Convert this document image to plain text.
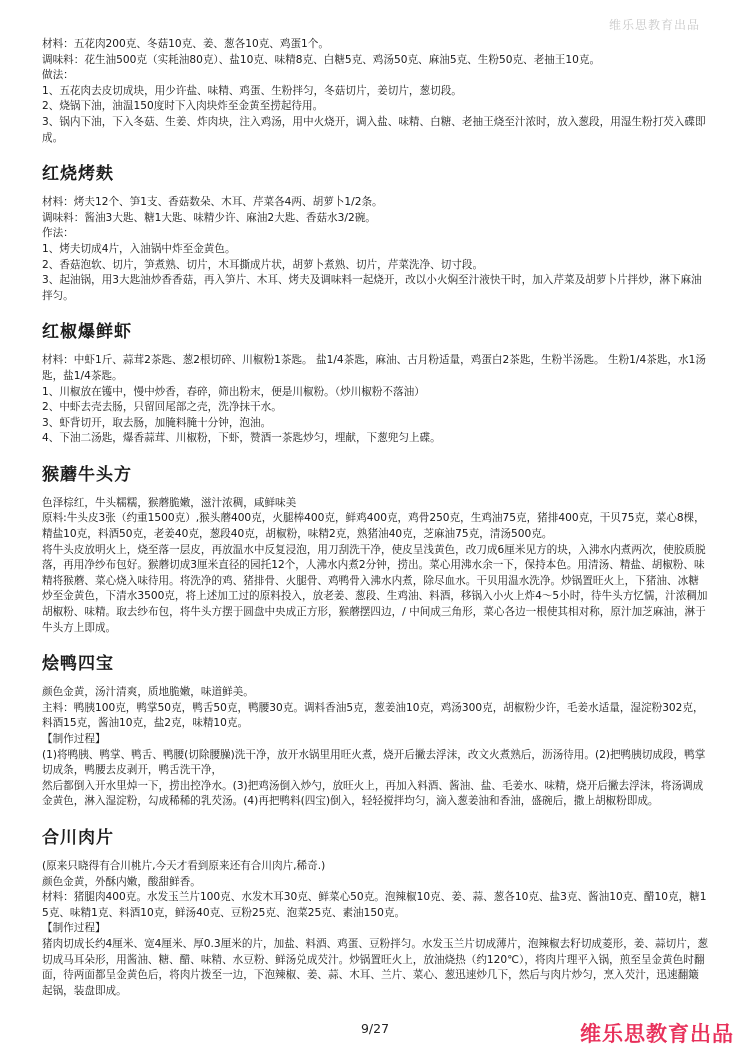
维乐思教育出品
材料：五花肉200克、冬菇10克、姜、葱各10克、鸡蛋1个。
调味料：花生油500克（实耗油80克）、盐10克、味精8克、白糖5克、鸡汤50克、麻油5克、生粉50克、老抽王10克。
做法：
1、五花肉去皮切成块，用少许盐、味精、鸡蛋、生粉拌匀，冬菇切片，姜切片，葱切段。
2、烧锅下油，油温150度时下入肉块炸至金黄至捞起待用。
3、锅内下油，下入冬菇、生姜、炸肉块，注入鸡汤，用中火烧开，调入盐、味精、白糖、老抽王烧至汁浓时，放入葱段，用湿生粉打芡入碟即成。
红烧烤麸
材料：烤夫12个、笋1支、香菇数朵、木耳、芹菜各4两、胡萝卜1/2条。
调味料：酱油3大匙、糖1大匙、味精少许、麻油2大匙、香菇水3/2碗。
作法：
1、烤夫切成4片，入油锅中炸至金黄色。
2、香菇泡软、切片，笋煮熟、切片，木耳撕成片状，胡萝卜煮熟、切片，芹菜洗净、切寸段。
3、起油锅，用3大匙油炒香香菇，再入笋片、木耳、烤夫及调味料一起烧开，改以小火焖至汁液快干时，加入芹菜及胡萝卜片拌炒，淋下麻油拌匀。
红椒爆鲜虾
材料：中虾1斤、蒜茸2茶匙、葱2根切碎、川椒粉1茶匙。 盐1/4茶匙，麻油、古月粉适量，鸡蛋白2茶匙，生粉半汤匙。 生粉1/4茶匙，水1汤匙，盐1/4茶匙。
1、川椒放在镬中，慢中炒香，春碎，筛出粉末，便是川椒粉。（炒川椒粉不落油）
2、中虾去壳去肠，只留回尾部之壳，洗净抹干水。
3、虾背切开，取去肠，加腌料腌十分钟，泡油。
4、下油二汤匙，爆香蒜茸、川椒粉，下虾，赞酒一茶匙炒匀，埋献，下葱兜匀上碟。
猴蘑牛头方
色泽棕红，牛头糯糯，猴蘑脆嫩，滋汁浓稠，咸鲜味美
原料:牛头皮3张（约重1500克）,猴头蘑400克，火腿棒400克，鲜鸡400克，鸡骨250克，生鸡油75克，猪排400克，干贝75克，菜心8棵，精盐10克，料酒50克，老姜40克，葱段40克，胡椒粉，味精2克，熟猪油40克，芝麻油75克，清汤500克。
将牛头皮放明火上，烧至落一层皮，再放温水中反复浸泡，用刀刮洗干净，使皮呈浅黄色，改刀成6厘米见方的块，入沸水内煮两次，使胶质脱落，再用净纱布包好。猴蘑切成3厘米直径的园托12个，人沸水内煮2分钟，捞出。菜心用沸水余一下，保持本色。用清汤、精盐、胡椒粉、味精将猴蘑、菜心烧入味待用。将洗净的鸡、猪排骨、火腿骨、鸡鸭骨入沸水内煮，除尽血水。干贝用温水洗净。炒锅置旺火上，下猪油、冰糖炒至金黄色，下清水3500克，将上述加工过的原料投入，放老姜、葱段、生鸡油、料酒，移锅入小火上炸4～5小时，待牛头方忆懦，汁浓稠加胡椒粉、味精。取去纱布包，将牛头方摆于圆盘中央成正方形，猴蘑摆四边，/ 中间成三角形，菜心各边一根使其相对称，原汁加芝麻油，淋于牛头方上即成。
烩鸭四宝
颜色金黄，汤汁清爽，质地脆嫩，味道鲜美。
主料：鸭胰100克，鸭掌50克，鸭舌50克，鸭腰30克。调料香油5克，葱姜油10克，鸡汤300克，胡椒粉少许，毛姜水适量，湿淀粉302克，料酒15克，酱油10克，盐2克，味精10克。
【制作过程】
(1)将鸭胰、鸭掌、鸭舌、鸭腰(切除腰臊)洗干净，放开水锅里用旺火煮，烧开后撇去浮沫，改文火煮熟后，沥汤待用。(2)把鸭胰切成段，鸭掌切成条，鸭腰去皮剥开，鸭舌洗干净，
然后都倒入开水里焯一下，捞出控净水。(3)把鸡汤倒入炒勺，放旺火上，再加入料酒、酱油、盐、毛姜水、味精，烧开后撇去浮沫，将汤调成金黄色，淋入湿淀粉，勾成稀稀的乳芡汤。(4)再把鸭料(四宝)倒入，轻轻搅拌均匀，滴入葱姜油和香油，盛碗后，撒上胡椒粉即成。
合川肉片
(原来只晓得有合川桃片,今天才看到原来还有合川肉片,稀奇.)
颜色金黄，外酥内嫩，酸甜鲜香。
材料：猪腿肉400克。水发玉兰片100克、水发木耳30克、鲜菜心50克。泡辣椒10克、姜、蒜、葱各10克、盐3克、酱油10克、醋10克，糖15克、味精1克、料酒10克，鲜汤40克、豆粉25克、泡菜25克、素油150克。
【制作过程】
猪肉切成长约4厘米、宽4厘米、厚0.3厘米的片，加盐、料酒、鸡蛋、豆粉拌匀。水发玉兰片切成薄片，泡辣椒去籽切成菱形，姜、蒜切片，葱切成马耳朵形，用酱油、糖、醋、味精、水豆粉、鲜汤兑成芡汁。炒锅置旺火上，放油烧热（约120℃），将肉片理平入锅，煎至呈金黄色时翻面，待两面都呈金黄色后，将肉片拨至一边，下泡辣椒、姜、蒜、木耳、兰片、菜心、葱迅速炒几下，然后与肉片炒匀，烹入芡汁，迅速翻簸起锅，装盘即成。
9/27	维乐思教育出品
